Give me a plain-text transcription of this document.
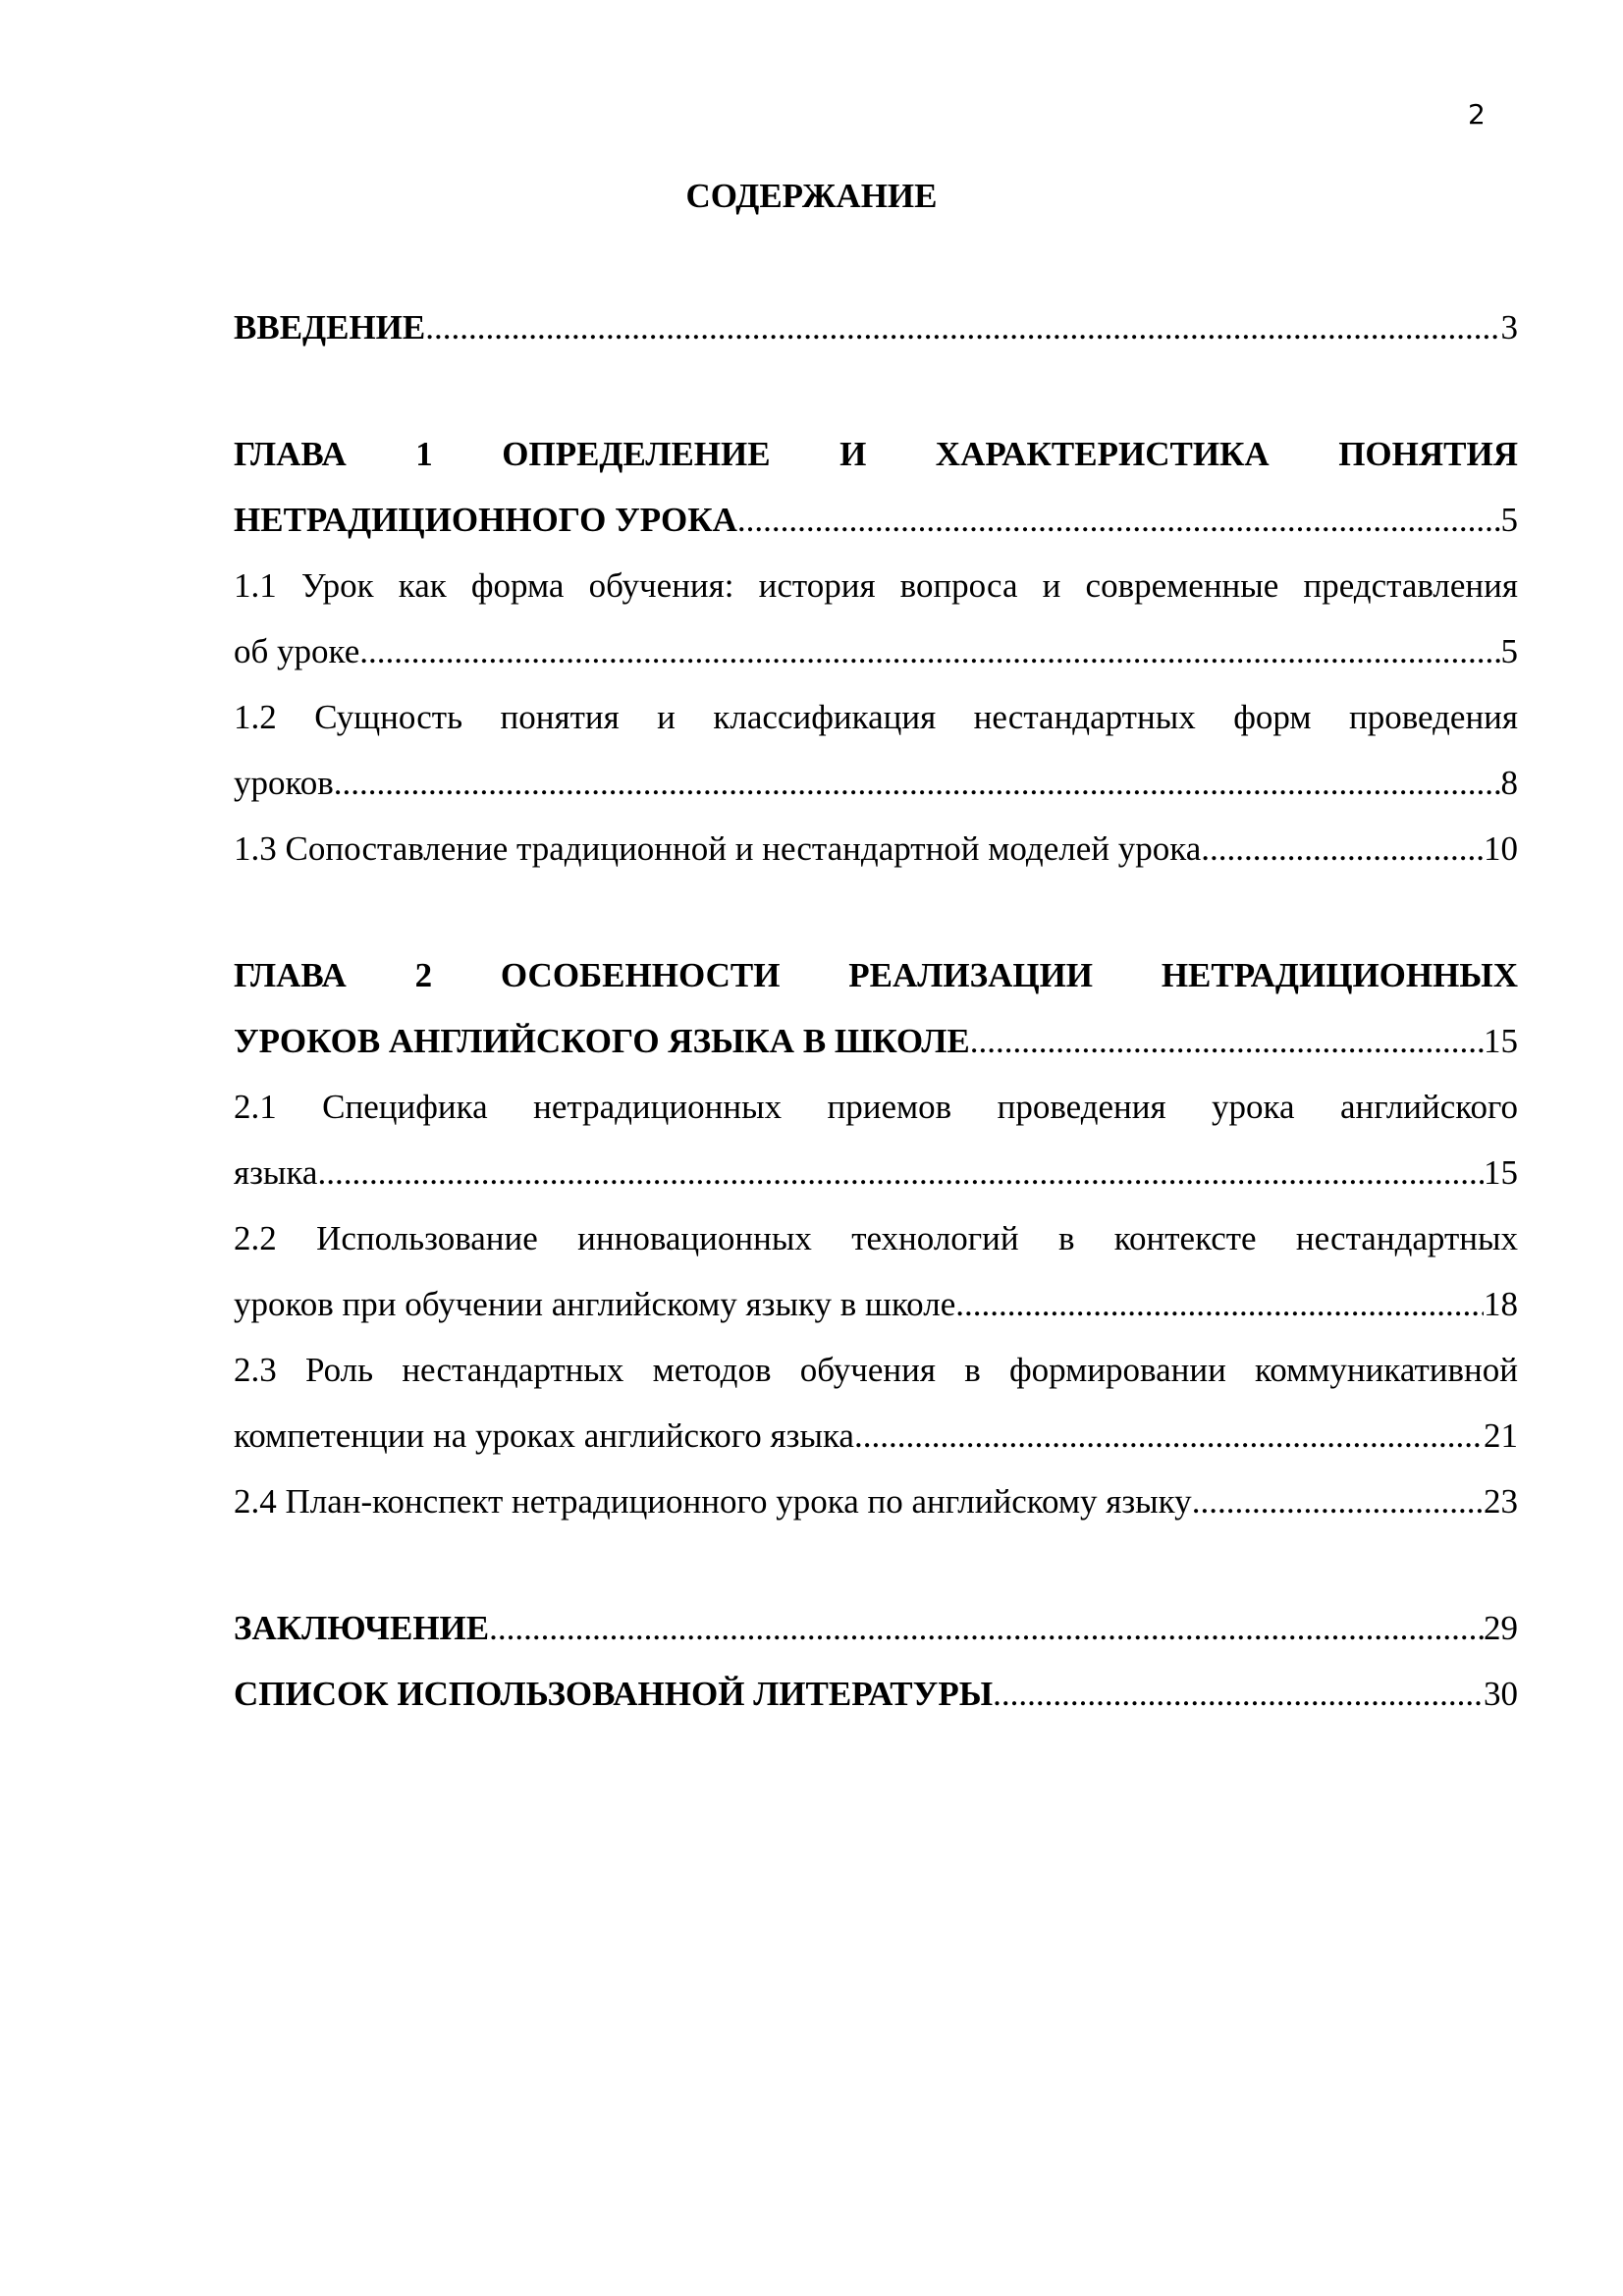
2
СОДЕРЖАНИЕ
ВВЕДЕНИЕ .....	3
ГЛАВА 1 ОПРЕДЕЛЕНИЕ И ХАРАКТЕРИСТИКА ПОНЯТИЯ
НЕТРАДИЦИОННОГО УРОКА .....	5
1.1 Урок как форма обучения: история вопроса и современные представления
об уроке .....	5
1.2 Сущность понятия и классификация нестандартных форм проведения
уроков .....	8
1.3 Сопоставление традиционной и нестандартной моделей урока .....	10
ГЛАВА 2 ОСОБЕННОСТИ РЕАЛИЗАЦИИ НЕТРАДИЦИОННЫХ
УРОКОВ АНГЛИЙСКОГО ЯЗЫКА В ШКОЛЕ .....	15
2.1 Специфика нетрадиционных приемов проведения урока английского
языка .....	15
2.2 Использование инновационных технологий в контексте нестандартных
уроков при обучении английскому языку в школе .....	18
2.3 Роль нестандартных методов обучения в формировании коммуникативной
компетенции на уроках английского языка .....	21
2.4 План-конспект нетрадиционного урока по английскому языку .....	23
ЗАКЛЮЧЕНИЕ .....	29
СПИСОК ИСПОЛЬЗОВАННОЙ ЛИТЕРАТУРЫ .....	30
